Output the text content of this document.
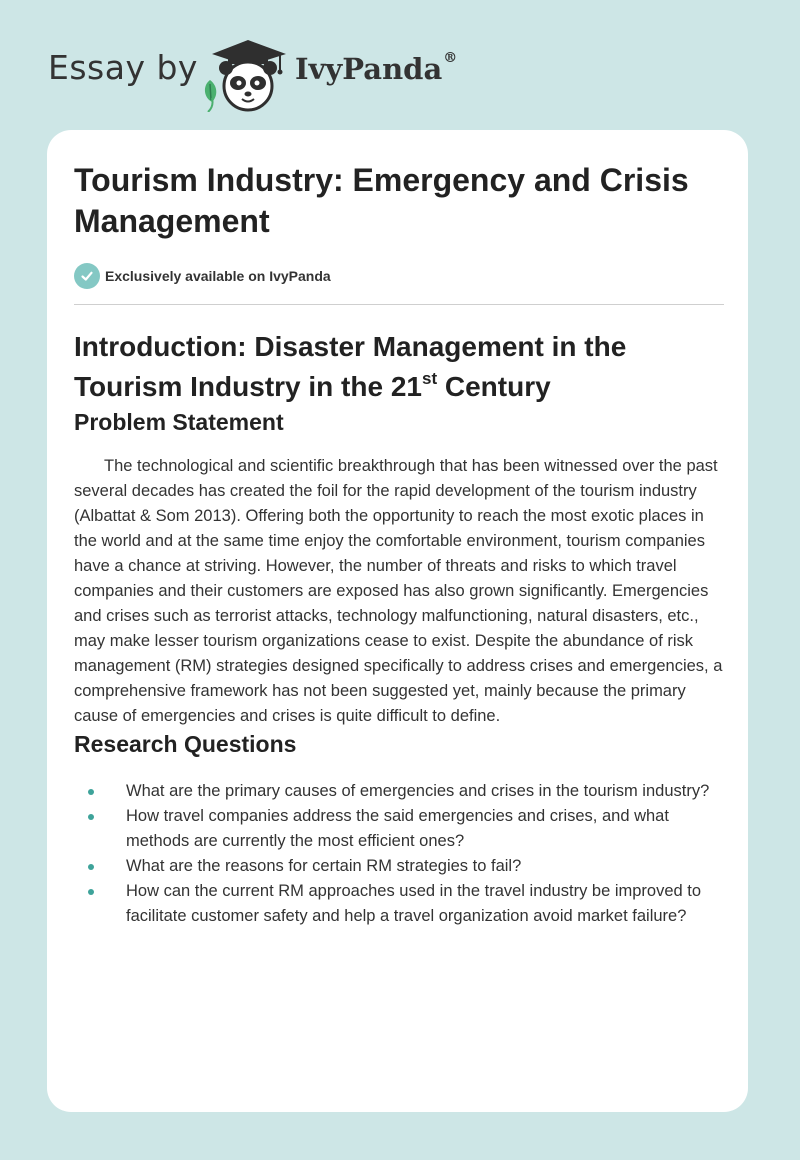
Essay by	IvyPanda®
Tourism Industry: Emergency and Crisis Management
Exclusively available on IvyPanda
Introduction: Disaster Management in the Tourism Industry in the 21st Century
Problem Statement

The technological and scientific breakthrough that has been witnessed over the past several decades has created the foil for the rapid development of the tourism industry (Albattat & Som 2013). Offering both the opportunity to reach the most exotic places in the world and at the same time enjoy the comfortable environment, tourism companies have a chance at striving. However, the number of threats and risks to which travel companies and their customers are exposed has also grown significantly. Emergencies and crises such as terrorist attacks, technology malfunctioning, natural disasters, etc., may make lesser tourism organizations cease to exist. Despite the abundance of risk management (RM) strategies designed specifically to address crises and emergencies, a comprehensive framework has not been suggested yet, mainly because the primary cause of emergencies and crises is quite difficult to define.

Research Questions
What are the primary causes of emergencies and crises in the tourism industry?
How travel companies address the said emergencies and crises, and what methods are currently the most efficient ones?
What are the reasons for certain RM strategies to fail?
How can the current RM approaches used in the travel industry be improved to facilitate customer safety and help a travel organization avoid market failure?
